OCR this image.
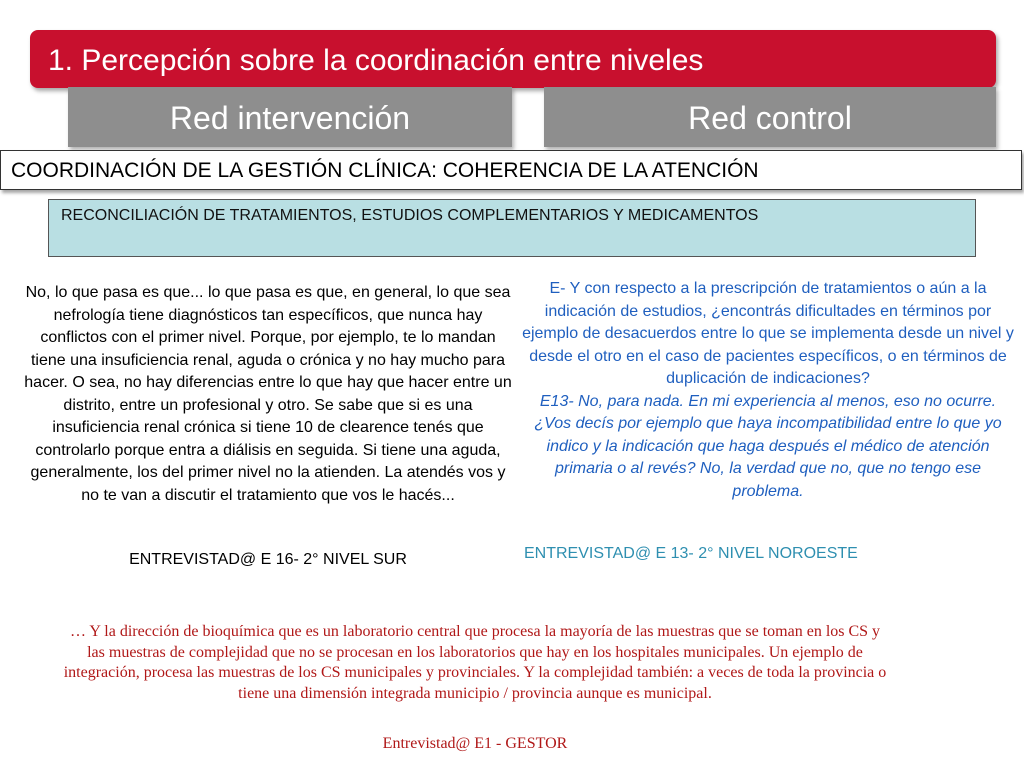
1. Percepción sobre la coordinación entre niveles
Red intervención	Red control
COORDINACIÓN DE LA GESTIÓN CLÍNICA: COHERENCIA DE LA ATENCIÓN
RECONCILIACIÓN DE TRATAMIENTOS, ESTUDIOS COMPLEMENTARIOS Y MEDICAMENTOS
No, lo que pasa es que... lo que pasa es que, en general, lo que sea nefrología tiene diagnósticos tan específicos, que nunca hay conflictos con el primer nivel. Porque, por ejemplo, te lo mandan tiene una insuficiencia renal, aguda o crónica y no hay mucho para hacer. O sea, no hay diferencias entre lo que hay que hacer entre un distrito, entre un profesional y otro. Se sabe que si es una insuficiencia renal crónica si tiene 10 de clearence tenés que controlarlo porque entra a diálisis en seguida. Si tiene una aguda, generalmente, los del primer nivel no la atienden. La atendés vos y no te van a discutir el tratamiento que vos le hacés...
ENTREVISTAD@ E 16- 2° NIVEL SUR
E- Y con respecto a la prescripción de tratamientos o aún a la indicación de estudios, ¿encontrás dificultades en términos por ejemplo de desacuerdos entre lo que se implementa desde un nivel y desde el otro en el caso de pacientes específicos, o en términos de duplicación de indicaciones?
E13- No, para nada. En mi experiencia al menos, eso no ocurre. ¿Vos decís por ejemplo que haya incompatibilidad entre lo que yo indico y la indicación que haga después el médico de atención primaria o al revés? No, la verdad que no, que no tengo ese problema.
ENTREVISTAD@ E 13- 2° NIVEL NOROESTE
… Y la dirección de bioquímica que es un laboratorio central que procesa la mayoría de las muestras que se toman en los CS y las muestras de complejidad que no se procesan en los laboratorios que hay en los hospitales municipales. Un ejemplo de integración, procesa las muestras de los CS municipales y provinciales. Y la complejidad también: a veces de toda la provincia o tiene una dimensión integrada municipio / provincia aunque es municipal.
Entrevistad@ E1 - GESTOR
